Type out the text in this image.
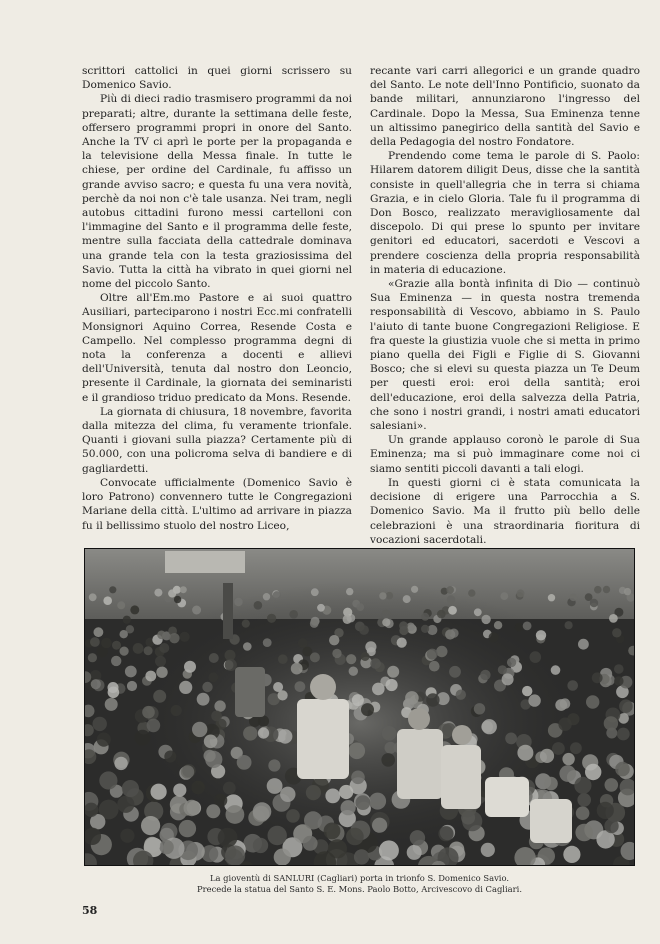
scrittori cattolici in quei giorni scrissero su Domenico Savio.

Più di dieci radio trasmisero programmi da noi preparati; altre, durante la settimana delle feste, offersero programmi propri in onore del Santo. Anche la TV ci aprì le porte per la propaganda e la televisione della Messa finale. In tutte le chiese, per ordine del Cardinale, fu affisso un grande avviso sacro; e questa fu una vera novità, perchè da noi non c'è tale usanza. Nei tram, negli autobus cittadini furono messi cartelloni con l'immagine del Santo e il programma delle feste, mentre sulla facciata della cattedrale dominava una grande tela con la testa graziosissima del Savio. Tutta la città ha vibrato in quei giorni nel nome del piccolo Santo.

Oltre all'Em.mo Pastore e ai suoi quattro Ausiliari, parteciparono i nostri Ecc.mi confratelli Monsignori Aquino Correa, Resende Costa e Campello. Nel complesso programma degni di nota la conferenza a docenti e allievi dell'Università, tenuta dal nostro don Leoncio, presente il Cardinale, la giornata dei seminaristi e il grandioso triduo predicato da Mons. Resende.

La giornata di chiusura, 18 novembre, favorita dalla mitezza del clima, fu veramente trionfale. Quanti i giovani sulla piazza? Certamente più di 50.000, con una policroma selva di bandiere e di gagliardetti.

Convocate ufficialmente (Domenico Savio è loro Patrono) convennero tutte le Congregazioni Mariane della città. L'ultimo ad arrivare in piazza fu il bellissimo stuolo del nostro Liceo,

recante vari carri allegorici e un grande quadro del Santo. Le note dell'Inno Pontificio, suonato da bande militari, annunziarono l'ingresso del Cardinale. Dopo la Messa, Sua Eminenza tenne un altissimo panegirico della santità del Savio e della Pedagogia del nostro Fondatore.

Prendendo come tema le parole di S. Paolo: Hilarem datorem diligit Deus, disse che la santità consiste in quell'allegria che in terra si chiama Grazia, e in cielo Gloria. Tale fu il programma di Don Bosco, realizzato meravigliosamente dal discepolo. Di qui prese lo spunto per invitare genitori ed educatori, sacerdoti e Vescovi a prendere coscienza della propria responsabilità in materia di educazione.

«Grazie alla bontà infinita di Dio — continuò Sua Eminenza — in questa nostra tremenda responsabilità di Vescovo, abbiamo in S. Paulo l'aiuto di tante buone Congregazioni Religiose. E fra queste la giustizia vuole che si metta in primo piano quella dei Figli e Figlie di S. Giovanni Bosco; che si elevi su questa piazza un Te Deum per questi eroi: eroi della santità; eroi dell'educazione, eroi della salvezza della Patria, che sono i nostri grandi, i nostri amati educatori salesiani».

Un grande applauso coronò le parole di Sua Eminenza; ma si può immaginare come noi ci siamo sentiti piccoli davanti a tali elogi.

In questi giorni ci è stata comunicata la decisione di erigere una Parrocchia a S. Domenico Savio. Ma il frutto più bello delle celebrazioni è una straordinaria fioritura di vocazioni sacerdotali.

La gioventù di SANLURI (Cagliari) porta in trionfo S. Domenico Savio.
Precede la statua del Santo S. E. Mons. Paolo Botto, Arcivescovo di Cagliari.
58
